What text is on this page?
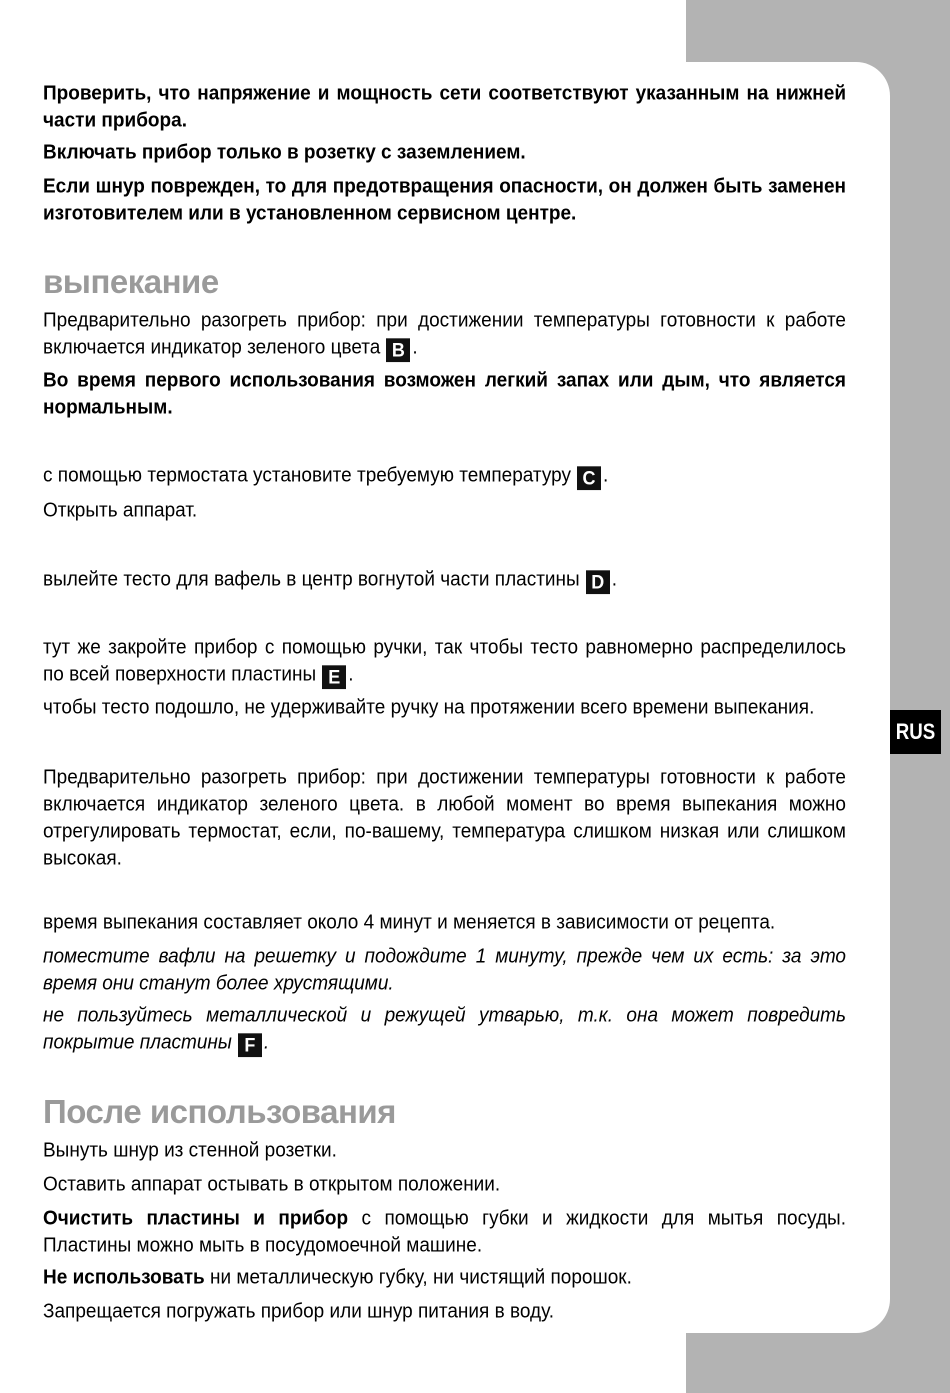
RUS

Проверить, что напряжение и мощность сети соответствуют указанным на нижней части прибора.

Включать прибор только в розетку с заземлением.

Если шнур поврежден, то для предотвращения опасности, он должен быть заменен изготовителем или в установленном сервисном центре.

выпекание

Предварительно разогреть прибор: при достижении температуры готовности к работе включается индикатор зеленого цвета B .

Во время первого использования возможен легкий запах или дым, что является нормальным.

с помощью термостата установите требуемую температуру C .

Открыть аппарат.

вылейте тесто для вафель в центр вогнутой части пластины D .

тут же закройте прибор с помощью ручки, так чтобы тесто равномерно распределилось по всей поверхности пластины E .

чтобы тесто подошло, не удерживайте ручку на протяжении всего времени выпекания.

Предварительно разогреть прибор: при достижении температуры готовности к работе включается индикатор зеленого цвета. в любой момент во время выпекания можно отрегулировать термостат, если, по-вашему, температура слишком низкая или слишком высокая.

время выпекания составляет около 4 минут и меняется в зависимости от рецепта.

поместите вафли на решетку и подождите 1 минуту, прежде чем их есть: за это время они станут более хрустящими.

не пользуйтесь металлической и режущей утварью, т.к. она может повредить покрытие пластины F .

После использования

Вынуть шнур из стенной розетки.

Оставить аппарат остывать в открытом положении.

Очистить пластины и прибор с помощью губки и жидкости для мытья посуды. Пластины можно мыть в посудомоечной машине.

Не использовать ни металлическую губку, ни чистящий порошок.

Запрещается погружать прибор или шнур питания в воду.
